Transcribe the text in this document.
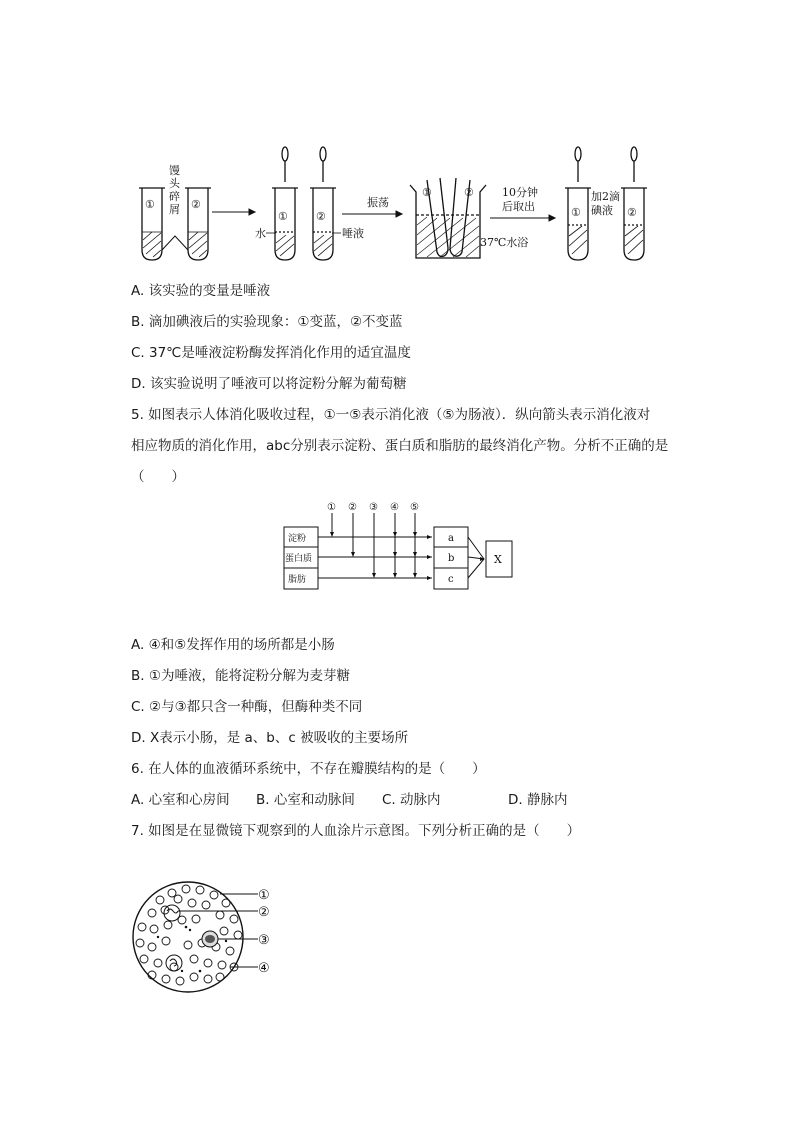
①	②
馒
头
碎
屑
①	②
水	唾液
振荡
①	②
37℃水浴
10分钟
后取出	①	②
加2滴
碘液
A. 该实验的变量是唾液
B. 滴加碘液后的实验现象：①变蓝，②不变蓝
C. 37℃是唾液淀粉酶发挥消化作用的适宜温度
D. 该实验说明了唾液可以将淀粉分解为葡萄糖
5. 如图表示人体消化吸收过程，①一⑤表示消化液（⑤为肠液）．纵向箭头表示消化液对
相应物质的消化作用，abc分别表示淀粉、蛋白质和脂肪的最终消化产物。分析不正确的是
（　　）
① ② ③ ④ ⑤
淀粉
蛋白质
脂肪
a
b
c
X
A. ④和⑤发挥作用的场所都是小肠
B. ①为唾液，能将淀粉分解为麦芽糖
C. ②与③都只含一种酶，但酶种类不同
D. X表示小肠，是 a、b、c 被吸收的主要场所
6. 在人体的血液循环系统中，不存在瓣膜结构的是（　　）
A. 心室和心房间 B. 心室和动脉间 C. 动脉内	D. 静脉内
7. 如图是在显微镜下观察到的人血涂片示意图。下列分析正确的是（　　）
①
②
③
④
